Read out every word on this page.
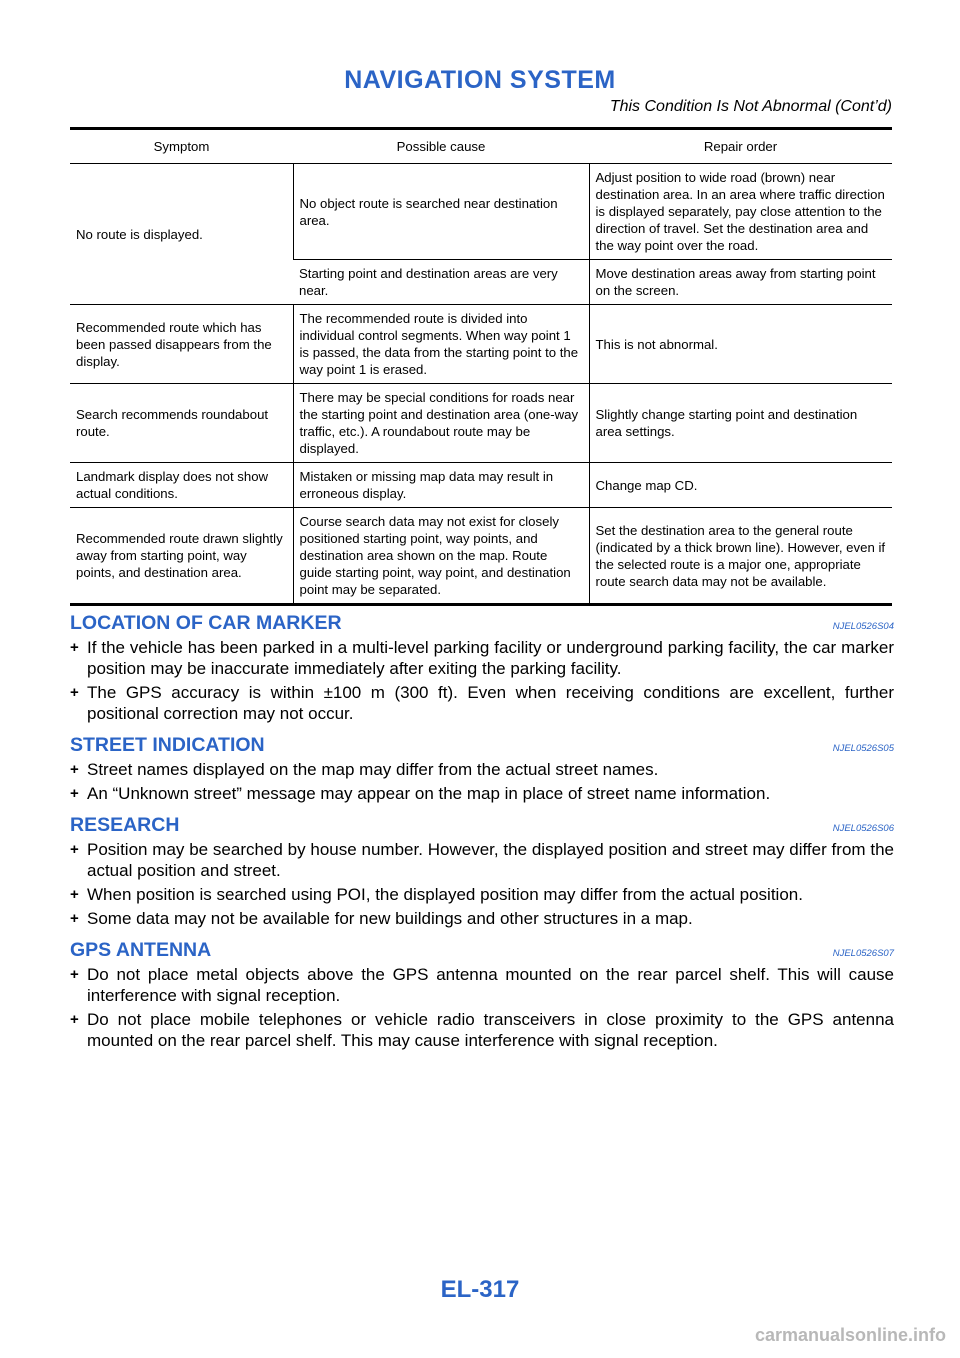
NAVIGATION SYSTEM
This Condition Is Not Abnormal (Cont’d)
Symptom	Possible cause	Repair order
No route is displayed.	No object route is searched near destination area.	Adjust position to wide road (brown) near destination area. In an area where traffic direction is displayed separately, pay close attention to the direction of travel. Set the destination area and the way point over the road.
	Starting point and destination areas are very near.	Move destination areas away from starting point on the screen.
Recommended route which has been passed disappears from the display.	The recommended route is divided into individual control segments. When way point 1 is passed, the data from the starting point to the way point 1 is erased.	This is not abnormal.
Search recommends roundabout route.	There may be special conditions for roads near the starting point and destination area (one-way traffic, etc.). A roundabout route may be displayed.	Slightly change starting point and destination area settings.
Landmark display does not show actual conditions.	Mistaken or missing map data may result in erroneous display.	Change map CD.
Recommended route drawn slightly away from starting point, way points, and destination area.	Course search data may not exist for closely positioned starting point, way points, and destination area shown on the map. Route guide starting point, way point, and destination point may be separated.	Set the destination area to the general route (indicated by a thick brown line). However, even if the selected route is a major one, appropriate route search data may not be available.
LOCATION OF CAR MARKER	NJEL0526S04
+ If the vehicle has been parked in a multi-level parking facility or underground parking facility, the car marker position may be inaccurate immediately after exiting the parking facility.
+ The GPS accuracy is within ±100 m (300 ft). Even when receiving conditions are excellent, further positional correction may not occur.
STREET INDICATION	NJEL0526S05
+ Street names displayed on the map may differ from the actual street names.
+ An “Unknown street” message may appear on the map in place of street name information.
RESEARCH	NJEL0526S06
+ Position may be searched by house number. However, the displayed position and street may differ from the actual position and street.
+ When position is searched using POI, the displayed position may differ from the actual position.
+ Some data may not be available for new buildings and other structures in a map.
GPS ANTENNA	NJEL0526S07
+ Do not place metal objects above the GPS antenna mounted on the rear parcel shelf. This will cause interference with signal reception.
+ Do not place mobile telephones or vehicle radio transceivers in close proximity to the GPS antenna mounted on the rear parcel shelf. This may cause interference with signal reception.
EL-317
carmanualsonline.info
